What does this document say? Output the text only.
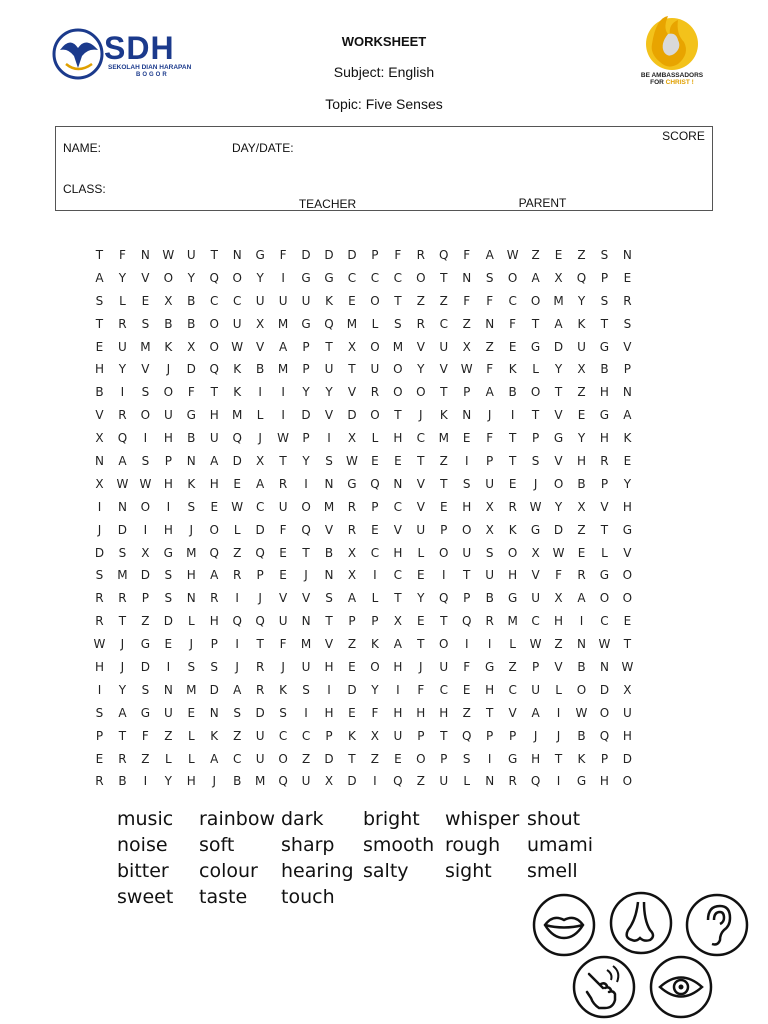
SDH
SEKOLAH DIAN HARAPAN
BOGOR
WORKSHEET
Subject: English
Topic: Five Senses
BE AMBASSADORS
FOR CHRIST !
NAME:	DAY/DATE:
CLASS:
TEACHER	PARENT
SCORE
T	F	N	W	U	T	N	G	F	D	D	D	P	F	R	Q	F	A	W	Z	E	Z	S	N
A	Y	V	O	Y	Q	O	Y	I	G	G	C	C	C	O	T	N	S	O	A	X	Q	P	E
S	L	E	X	B	C	C	U	U	U	K	E	O	T	Z	Z	F	F	C	O	M	Y	S	R
T	R	S	B	B	O	U	X	M	G	Q	M	L	S	R	C	Z	N	F	T	A	K	T	S
E	U	M	K	X	O	W	V	A	P	T	X	O	M	V	U	X	Z	E	G	D	U	G	V
H	Y	V	J	D	Q	K	B	M	P	U	T	U	O	Y	V	W	F	K	L	Y	X	B	P
B	I	S	O	F	T	K	I	I	Y	Y	V	R	O	O	T	P	A	B	O	T	Z	H	N
V	R	O	U	G	H	M	L	I	D	V	D	O	T	J	K	N	J	I	T	V	E	G	A
X	Q	I	H	B	U	Q	J	W	P	I	X	L	H	C	M	E	F	T	P	G	Y	H	K
N	A	S	P	N	A	D	X	T	Y	S	W	E	E	T	Z	I	P	T	S	V	H	R	E
X	W W	H	K	H	E	A	R	I	N	G	Q	N	V	T	S	U	E	J	O	B	P	Y
I	N	O	I	S	E	W	C	U	O	M	R	P	C	V	E	H	X	R	W	Y	X	V	H
J	D	I	H	J	O	L	D	F	Q	V	R	E	V	U	P	O	X	K	G	D	Z	T	G
D	S	X	G	M	Q	Z	Q	E	T	B	X	C	H	L	O	U	S	O	X	W	E	L	V
S	M	D	S	H	A	R	P	E	J	N	X	I	C	E	I	T	U	H	V	F	R	G	O
R	R	P	S	N	R	I	J	V	V	S	A	L	T	Y	Q	P	B	G	U	X	A	O	O
R	T	Z	D	L	H	Q	Q	U	N	T	P	P	X	E	T	Q	R	M	C	H	I	C	E
W	J	G	E	J	P	I	T	F	M	V	Z	K	A	T	O	I	I	L	W	Z	N	W	T
H	J	D	I	S	S	J	R	J	U	H	E	O	H	J	U	F	G	Z	P	V	B	N	W
I	Y	S	N	M	D	A	R	K	S	I	D	Y	I	F	C	E	H	C	U	L	O	D	X
S	A	G	U	E	N	S	D	S	I	H	E	F	H	H	H	Z	T	V	A	I	W	O	U
P	T	F	Z	L	K	Z	U	C	C	P	K	X	U	P	T	Q	P	P	J	J	B	Q	H
E	R	Z	L	L	A	C	U	O	Z	D	T	Z	E	O	P	S	I	G	H	T	K	P	D
R	B	I	Y	H	J	B	M	Q	U	X	D	I	Q	Z	U	L	N	R	Q	I	G	H	O
music rainbow dark bright whisper shout
noise soft sharp smooth rough umami
bitter colour hearing salty sight smell
sweet taste touch
